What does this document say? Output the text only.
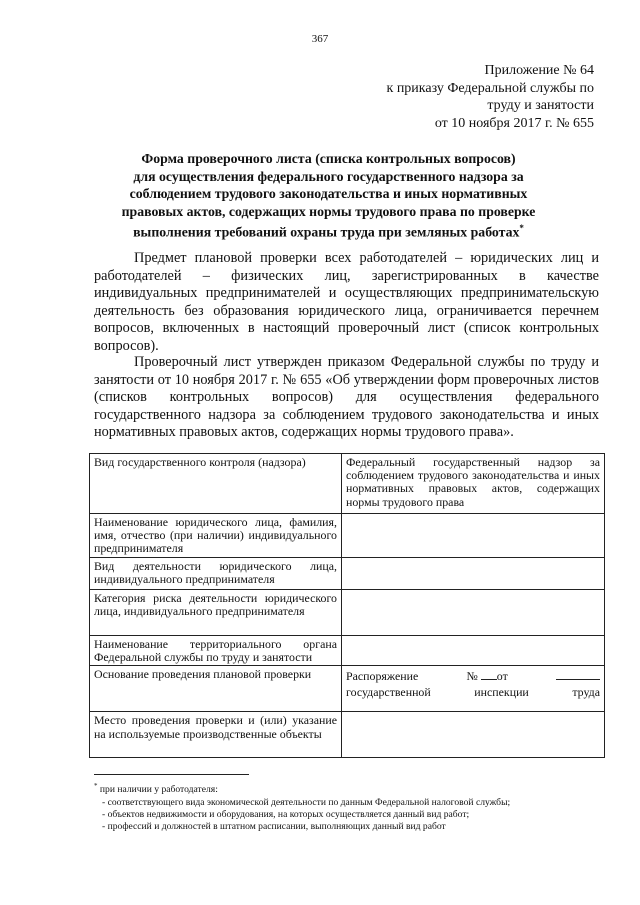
367
Приложение № 64
к приказу Федеральной службы по
труду и занятости
от 10 ноября 2017 г. № 655
Форма проверочного листа (списка контрольных вопросов)
для осуществления федерального государственного надзора за
соблюдением трудового законодательства и иных нормативных
правовых актов, содержащих нормы трудового права по проверке
выполнения требований охраны труда при земляных работах*

Предмет плановой проверки всех работодателей – юридических лиц и работодателей – физических лиц, зарегистрированных в качестве индивидуальных предпринимателей и осуществляющих предпринимательскую деятельность без образования юридического лица, ограничивается перечнем вопросов, включенных в настоящий проверочный лист (список контрольных вопросов).

Проверочный лист утвержден приказом Федеральной службы по труду и занятости от 10 ноября 2017 г. № 655 «Об утверждении форм проверочных листов (списков контрольных вопросов) для осуществления федерального государственного надзора за соблюдением трудового законодательства и иных нормативных правовых актов, содержащих нормы трудового права».

Вид государственного контроля (надзора)	Федеральный государственный надзор за соблюдением трудового законодательства и иных нормативных правовых актов, содержащих нормы трудового права
Наименование юридического лица, фамилия, имя, отчество (при наличии) индивидуального предпринимателя	
Вид деятельности юридического лица, индивидуального предпринимателя	
Категория риска деятельности юридического лица, индивидуального предпринимателя	
Наименование территориального органа Федеральной службы по труду и занятости	
Основание проведения плановой проверки	Распоряжение № от
государственной инспекции труда

Место проведения проверки и (или) указание на используемые производственные объекты	
* при наличии у работодателя:
- соответствующего вида экономической деятельности по данным Федеральной налоговой службы;
- объектов недвижимости и оборудования, на которых осуществляется данный вид работ;
- профессий и должностей в штатном расписании, выполняющих данный вид работ
